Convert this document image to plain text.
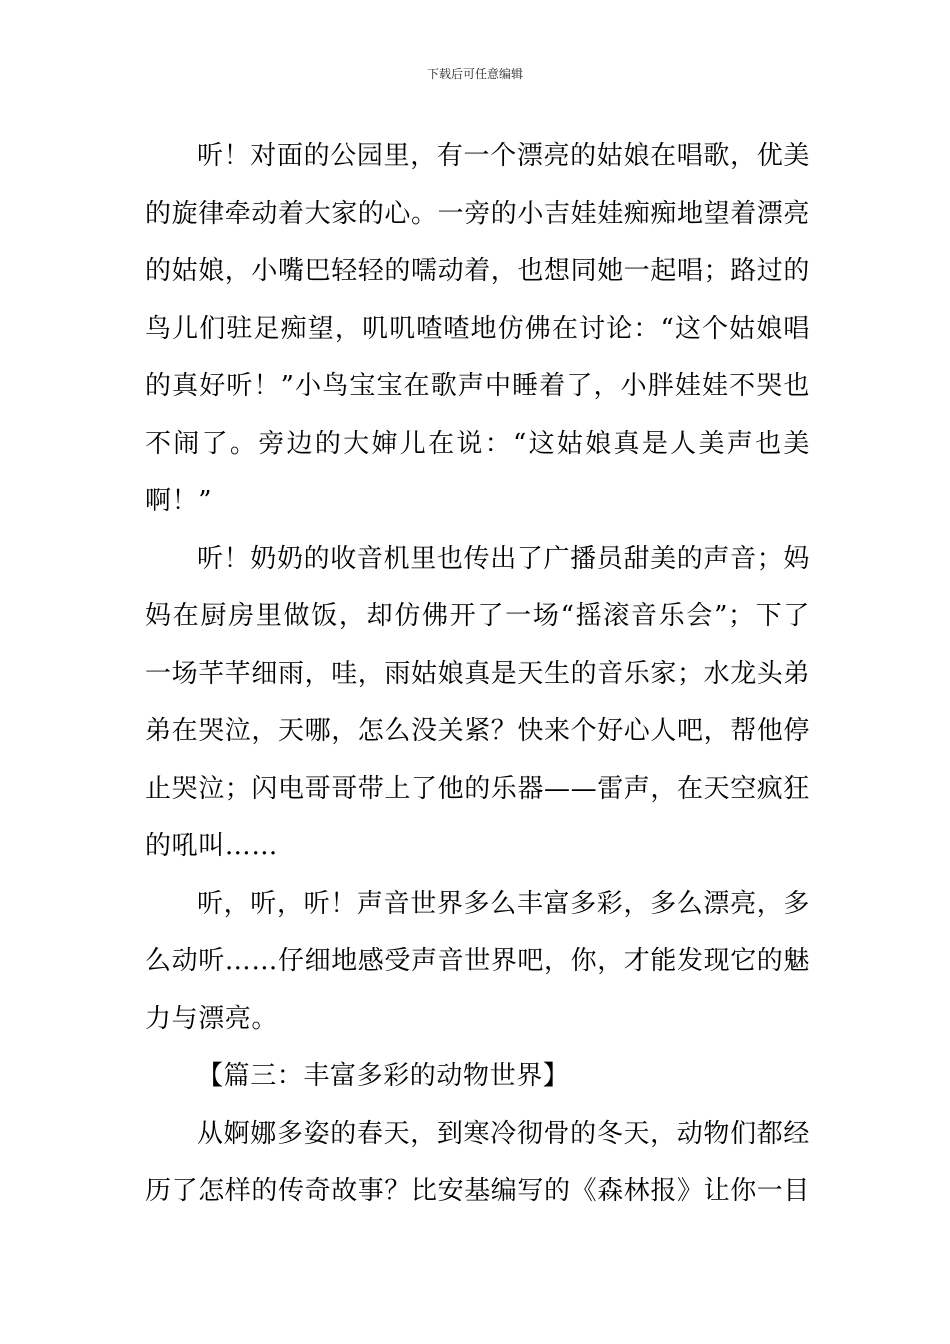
下载后可任意编辑

听！对面的公园里，有一个漂亮的姑娘在唱歌，优美的旋律牵动着大家的心。一旁的小吉娃娃痴痴地望着漂亮的姑娘，小嘴巴轻轻的嚅动着，也想同她一起唱；路过的鸟儿们驻足痴望，叽叽喳喳地仿佛在讨论：“这个姑娘唱的真好听！”小鸟宝宝在歌声中睡着了，小胖娃娃不哭也不闹了。旁边的大婶儿在说：“这姑娘真是人美声也美啊！”

听！奶奶的收音机里也传出了广播员甜美的声音；妈妈在厨房里做饭，却仿佛开了一场“摇滚音乐会”；下了一场芊芊细雨，哇，雨姑娘真是天生的音乐家；水龙头弟弟在哭泣，天哪，怎么没关紧？快来个好心人吧，帮他停止哭泣；闪电哥哥带上了他的乐器——雷声，在天空疯狂的吼叫……

听，听，听！声音世界多么丰富多彩，多么漂亮，多么动听……仔细地感受声音世界吧，你，才能发现它的魅力与漂亮。

【篇三：丰富多彩的动物世界】

从婀娜多姿的春天，到寒冷彻骨的冬天，动物们都经历了怎样的传奇故事？比安基编写的《森林报》让你一目
